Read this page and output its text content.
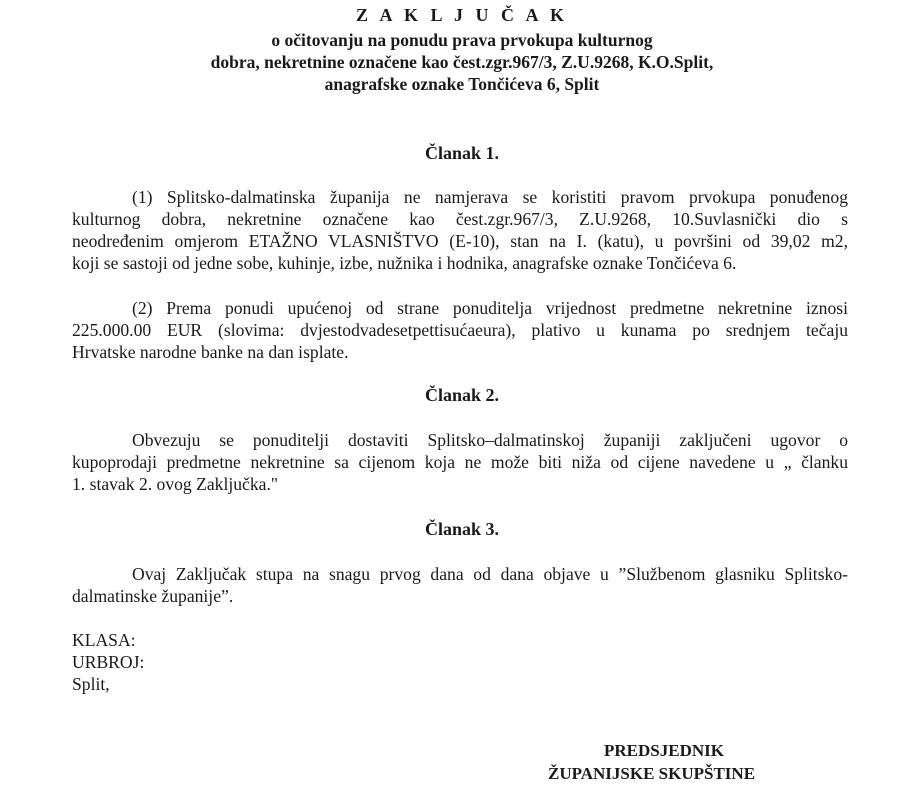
Z A K L J U Č A K
o očitovanju na ponudu prava prvokupa kulturnog
dobra, nekretnine označene kao čest.zgr.967/3, Z.U.9268, K.O.Split,
anagrafske oznake Tončićeva 6, Split
Članak 1.
(1) Splitsko-dalmatinska županija ne namjerava se koristiti pravom prvokupa ponuđenog
kulturnog dobra, nekretnine označene kao čest.zgr.967/3, Z.U.9268, 10.Suvlasnički dio s
neodređenim omjerom ETAŽNO VLASNIŠTVO (E-10), stan na I. (katu), u površini od 39,02 m2,
koji se sastoji od jedne sobe, kuhinje, izbe, nužnika i hodnika, anagrafske oznake Tončićeva 6.
(2) Prema ponudi upućenoj od strane ponuditelja vrijednost predmetne nekretnine iznosi
225.000.00 EUR (slovima: dvjestodvadesetpettisućaeura), plativo u kunama po srednjem tečaju
Hrvatske narodne banke na dan isplate.
Članak 2.
Obvezuju se ponuditelji dostaviti Splitsko–dalmatinskoj županiji zaključeni ugovor o
kupoprodaji predmetne nekretnine sa cijenom koja ne može biti niža od cijene navedene u „ članku
1. stavak 2. ovog Zaključka."
Članak 3.
Ovaj Zaključak stupa na snagu prvog dana od dana objave u ”Službenom glasniku Splitsko-
dalmatinske županije”.
KLASA:
URBROJ:
Split,
PREDSJEDNIK
ŽUPANIJSKE SKUPŠTINE
